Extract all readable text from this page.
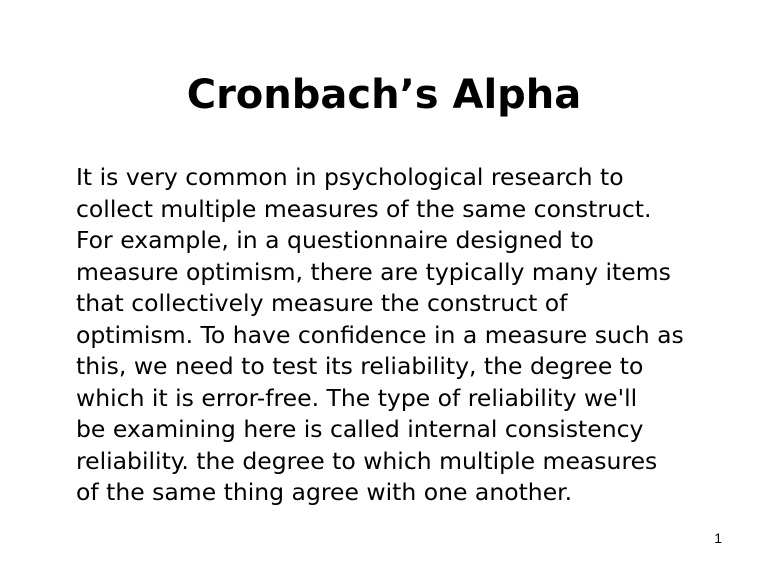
Cronbach’s Alpha
It is very common in psychological research to
collect multiple measures of the same construct.
For example, in a questionnaire designed to
measure optimism, there are typically many items
that collectively measure the construct of
optimism. To have confidence in a measure such as
this, we need to test its reliability, the degree to
which it is error-free. The type of reliability we'll
be examining here is called internal consistency
reliability. the degree to which multiple measures
of the same thing agree with one another.
1
